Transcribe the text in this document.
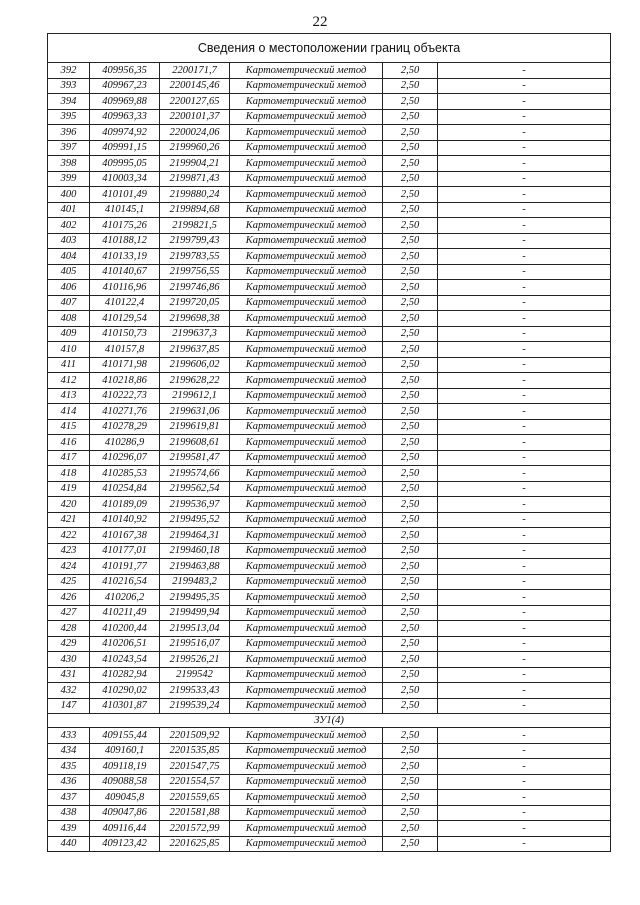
22
Сведения о местоположении границ объекта					
392	409956,35	2200171,7	Картометрический метод	2,50	-
393	409967,23	2200145,46	Картометрический метод	2,50	-
394	409969,88	2200127,65	Картометрический метод	2,50	-
395	409963,33	2200101,37	Картометрический метод	2,50	-
396	409974,92	2200024,06	Картометрический метод	2,50	-
397	409991,15	2199960,26	Картометрический метод	2,50	-
398	409995,05	2199904,21	Картометрический метод	2,50	-
399	410003,34	2199871,43	Картометрический метод	2,50	-
400	410101,49	2199880,24	Картометрический метод	2,50	-
401	410145,1	2199894,68	Картометрический метод	2,50	-
402	410175,26	2199821,5	Картометрический метод	2,50	-
403	410188,12	2199799,43	Картометрический метод	2,50	-
404	410133,19	2199783,55	Картометрический метод	2,50	-
405	410140,67	2199756,55	Картометрический метод	2,50	-
406	410116,96	2199746,86	Картометрический метод	2,50	-
407	410122,4	2199720,05	Картометрический метод	2,50	-
408	410129,54	2199698,38	Картометрический метод	2,50	-
409	410150,73	2199637,3	Картометрический метод	2,50	-
410	410157,8	2199637,85	Картометрический метод	2,50	-
411	410171,98	2199606,02	Картометрический метод	2,50	-
412	410218,86	2199628,22	Картометрический метод	2,50	-
413	410222,73	2199612,1	Картометрический метод	2,50	-
414	410271,76	2199631,06	Картометрический метод	2,50	-
415	410278,29	2199619,81	Картометрический метод	2,50	-
416	410286,9	2199608,61	Картометрический метод	2,50	-
417	410296,07	2199581,47	Картометрический метод	2,50	-
418	410285,53	2199574,66	Картометрический метод	2,50	-
419	410254,84	2199562,54	Картометрический метод	2,50	-
420	410189,09	2199536,97	Картометрический метод	2,50	-
421	410140,92	2199495,52	Картометрический метод	2,50	-
422	410167,38	2199464,31	Картометрический метод	2,50	-
423	410177,01	2199460,18	Картометрический метод	2,50	-
424	410191,77	2199463,88	Картометрический метод	2,50	-
425	410216,54	2199483,2	Картометрический метод	2,50	-
426	410206,2	2199495,35	Картометрический метод	2,50	-
427	410211,49	2199499,94	Картометрический метод	2,50	-
428	410200,44	2199513,04	Картометрический метод	2,50	-
429	410206,51	2199516,07	Картометрический метод	2,50	-
430	410243,54	2199526,21	Картометрический метод	2,50	-
431	410282,94	2199542	Картометрический метод	2,50	-
432	410290,02	2199533,43	Картометрический метод	2,50	-
147	410301,87	2199539,24	Картометрический метод	2,50	-
ЗУ1(4)					
433	409155,44	2201509,92	Картометрический метод	2,50	-
434	409160,1	2201535,85	Картометрический метод	2,50	-
435	409118,19	2201547,75	Картометрический метод	2,50	-
436	409088,58	2201554,57	Картометрический метод	2,50	-
437	409045,8	2201559,65	Картометрический метод	2,50	-
438	409047,86	2201581,88	Картометрический метод	2,50	-
439	409116,44	2201572,99	Картометрический метод	2,50	-
440	409123,42	2201625,85	Картометрический метод	2,50	-
